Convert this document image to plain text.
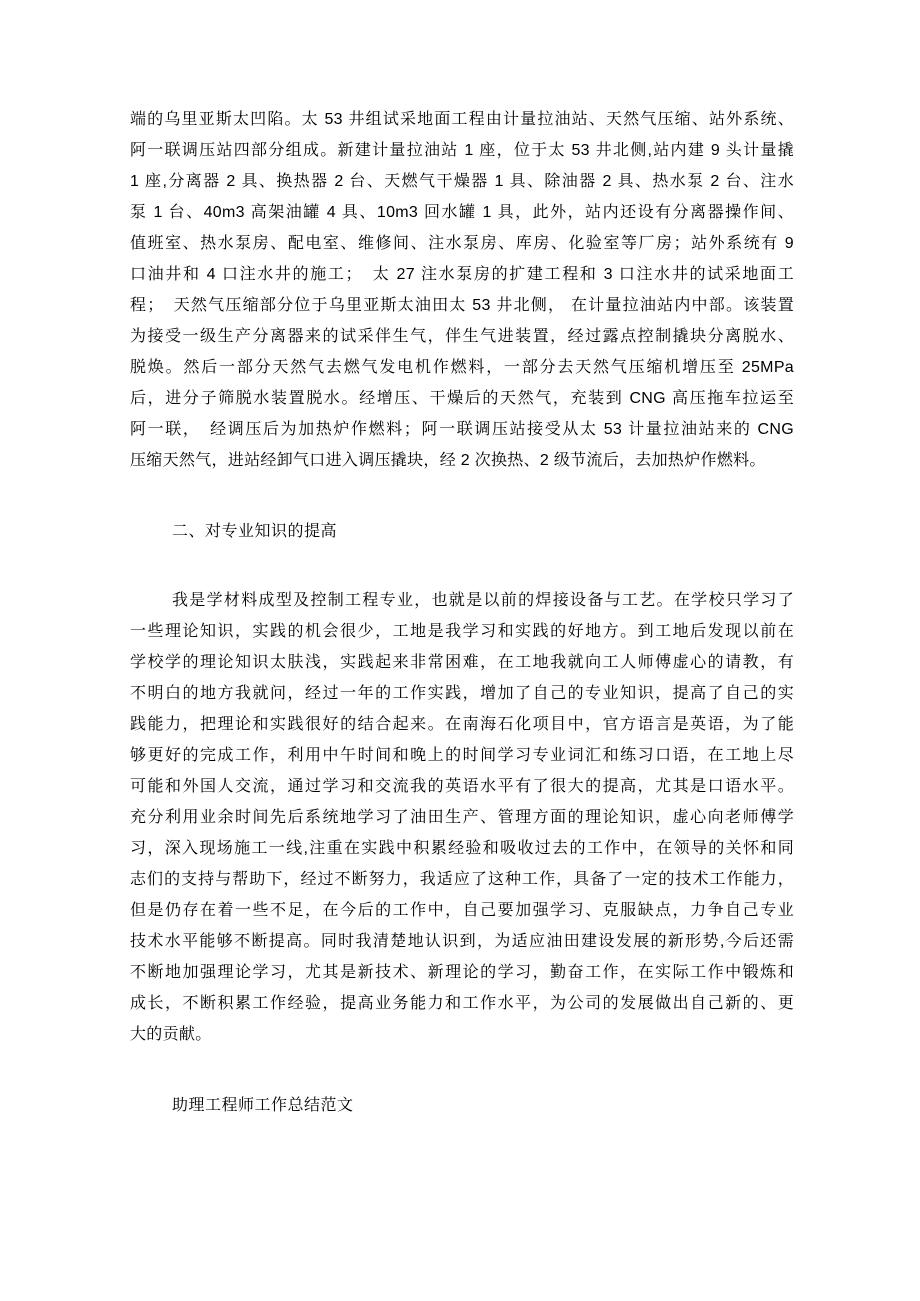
端的乌里亚斯太凹陷。太 53 井组试采地面工程由计量拉油站、天然气压缩、站外系统、
阿一联调压站四部分组成。新建计量拉油站 1 座，位于太 53 井北侧,站内建 9 头计量撬
1 座,分离器 2 具、换热器 2 台、天燃气干燥器 1 具、除油器 2 具、热水泵 2 台、注水
泵 1 台、40m3 高架油罐 4 具、10m3 回水罐 1 具，此外，站内还设有分离器操作间、
值班室、热水泵房、配电室、维修间、注水泵房、库房、化验室等厂房；站外系统有 9
口油井和 4 口注水井的施工；　太 27 注水泵房的扩建工程和 3 口注水井的试采地面工
程；　天然气压缩部分位于乌里亚斯太油田太 53 井北侧， 在计量拉油站内中部。该装置
为接受一级生产分离器来的试采伴生气，伴生气进装置，经过露点控制撬块分离脱水、
脱焕。然后一部分天然气去燃气发电机作燃料，一部分去天然气压缩机增压至 25MPa
后，进分子筛脱水装置脱水。经增压、干燥后的天然气，充装到 CNG 高压拖车拉运至
阿一联，　经调压后为加热炉作燃料；阿一联调压站接受从太 53 计量拉油站来的 CNG
压缩天然气，进站经卸气口进入调压撬块，经 2 次换热、2 级节流后，去加热炉作燃料。
二、对专业知识的提高
我是学材料成型及控制工程专业，也就是以前的焊接设备与工艺。在学校只学习了
一些理论知识，实践的机会很少，工地是我学习和实践的好地方。到工地后发现以前在
学校学的理论知识太肤浅，实践起来非常困难，在工地我就向工人师傅虚心的请教，有
不明白的地方我就问，经过一年的工作实践，增加了自己的专业知识，提高了自己的实
践能力，把理论和实践很好的结合起来。在南海石化项目中，官方语言是英语，为了能
够更好的完成工作，利用中午时间和晚上的时间学习专业词汇和练习口语，在工地上尽
可能和外国人交流，通过学习和交流我的英语水平有了很大的提高，尤其是口语水平。
充分利用业余时间先后系统地学习了油田生产、管理方面的理论知识，虚心向老师傅学
习，深入现场施工一线,注重在实践中积累经验和吸收过去的工作中，在领导的关怀和同
志们的支持与帮助下，经过不断努力，我适应了这种工作，具备了一定的技术工作能力，
但是仍存在着一些不足，在今后的工作中，自己要加强学习、克服缺点，力争自己专业
技术水平能够不断提高。同时我清楚地认识到，为适应油田建设发展的新形势,今后还需
不断地加强理论学习，尤其是新技术、新理论的学习，勤奋工作，在实际工作中锻炼和
成长，不断积累工作经验，提高业务能力和工作水平，为公司的发展做出自己新的、更
大的贡献。
助理工程师工作总结范文
